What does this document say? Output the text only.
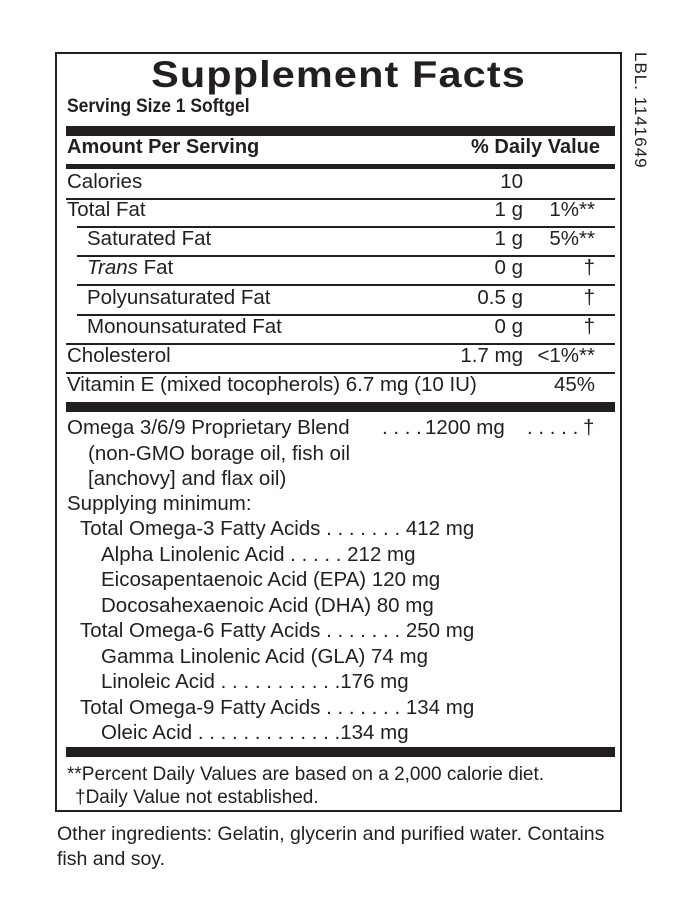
LBL. 1141649
Supplement Facts
Serving Size 1 Softgel
Amount Per Serving	% Daily Value
Calories	10
Total Fat	1 g 1%**
Saturated Fat	1 g 5%**
Trans Fat	0 g	†
Polyunsaturated Fat	0.5 g	†
Monounsaturated Fat	0 g	†
Cholesterol	1.7 mg <1%**
Vitamin E (mixed tocopherols) 6.7 mg (10 IU)	45%
Omega 3/6/9 Proprietary Blend . . . . 1200 mg . . . . . †
(non-GMO borage oil, fish oil
[anchovy] and flax oil)
Supplying minimum:
Total Omega-3 Fatty Acids . . . . . . . 412 mg
Alpha Linolenic Acid . . . . . 212 mg
Eicosapentaenoic Acid (EPA) 120 mg
Docosahexaenoic Acid (DHA) 80 mg
Total Omega-6 Fatty Acids . . . . . . . 250 mg
Gamma Linolenic Acid (GLA) 74 mg
Linoleic Acid . . . . . . . . . . .176 mg
Total Omega-9 Fatty Acids . . . . . . . 134 mg
Oleic Acid . . . . . . . . . . . . .134 mg
**Percent Daily Values are based on a 2,000 calorie diet.
†Daily Value not established.
Other ingredients: Gelatin, glycerin and purified water. Contains fish and soy.
